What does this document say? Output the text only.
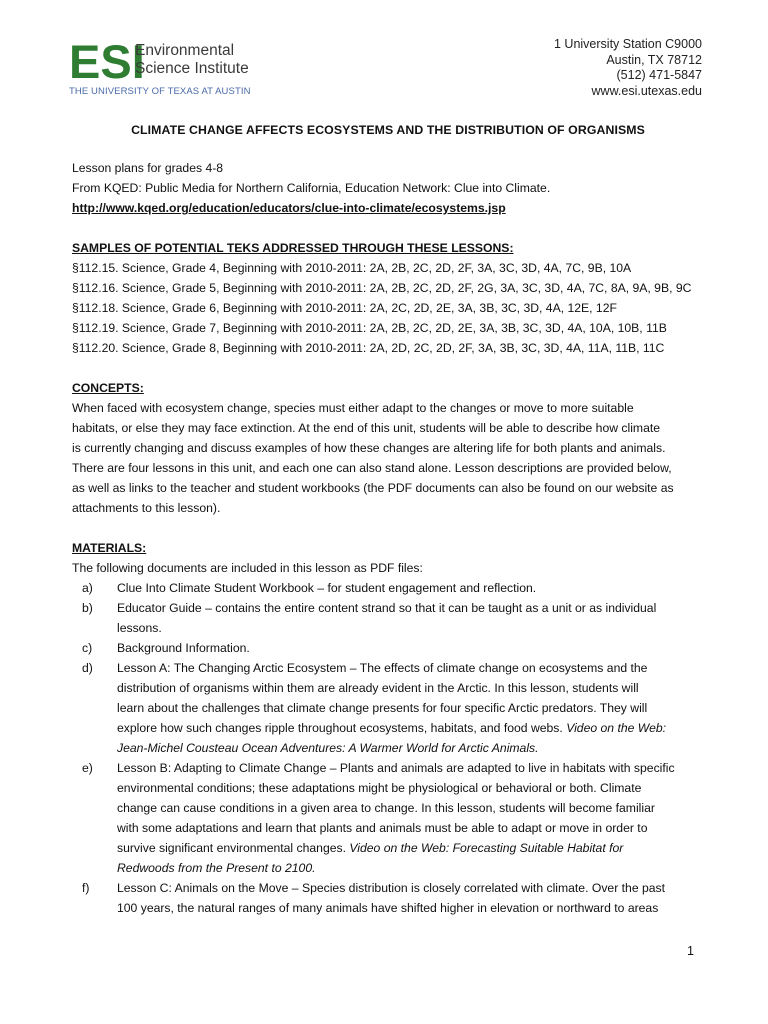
ESI
Environmental
Science Institute
THE UNIVERSITY OF TEXAS AT AUSTIN
1 University Station C9000
Austin, TX 78712
(512) 471-5847
www.esi.utexas.edu
CLIMATE CHANGE AFFECTS ECOSYSTEMS AND THE DISTRIBUTION OF ORGANISMS
Lesson plans for grades 4-8
From KQED: Public Media for Northern California, Education Network: Clue into Climate.
http://www.kqed.org/education/educators/clue-into-climate/ecosystems.jsp
SAMPLES OF POTENTIAL TEKS ADDRESSED THROUGH THESE LESSONS:
§112.15. Science, Grade 4, Beginning with 2010-2011: 2A, 2B, 2C, 2D, 2F, 3A, 3C, 3D, 4A, 7C, 9B, 10A
§112.16. Science, Grade 5, Beginning with 2010-2011: 2A, 2B, 2C, 2D, 2F, 2G, 3A, 3C, 3D, 4A, 7C, 8A, 9A, 9B, 9C
§112.18. Science, Grade 6, Beginning with 2010-2011: 2A, 2C, 2D, 2E, 3A, 3B, 3C, 3D, 4A, 12E, 12F
§112.19. Science, Grade 7, Beginning with 2010-2011: 2A, 2B, 2C, 2D, 2E, 3A, 3B, 3C, 3D, 4A, 10A, 10B, 11B
§112.20. Science, Grade 8, Beginning with 2010-2011: 2A, 2D, 2C, 2D, 2F, 3A, 3B, 3C, 3D, 4A, 11A, 11B, 11C
CONCEPTS:
When faced with ecosystem change, species must either adapt to the changes or move to more suitable
habitats, or else they may face extinction. At the end of this unit, students will be able to describe how climate
is currently changing and discuss examples of how these changes are altering life for both plants and animals.
There are four lessons in this unit, and each one can also stand alone. Lesson descriptions are provided below,
as well as links to the teacher and student workbooks (the PDF documents can also be found on our website as
attachments to this lesson).
MATERIALS:
The following documents are included in this lesson as PDF files:
a) Clue Into Climate Student Workbook – for student engagement and reflection.
b) Educator Guide – contains the entire content strand so that it can be taught as a unit or as individual
lessons.
c) Background Information.
d) Lesson A: The Changing Arctic Ecosystem – The effects of climate change on ecosystems and the
distribution of organisms within them are already evident in the Arctic. In this lesson, students will
learn about the challenges that climate change presents for four specific Arctic predators. They will
explore how such changes ripple throughout ecosystems, habitats, and food webs. Video on the Web:
Jean-Michel Cousteau Ocean Adventures: A Warmer World for Arctic Animals.
e) Lesson B: Adapting to Climate Change – Plants and animals are adapted to live in habitats with specific
environmental conditions; these adaptations might be physiological or behavioral or both. Climate
change can cause conditions in a given area to change. In this lesson, students will become familiar
with some adaptations and learn that plants and animals must be able to adapt or move in order to
survive significant environmental changes. Video on the Web: Forecasting Suitable Habitat for
Redwoods from the Present to 2100.
f) Lesson C: Animals on the Move – Species distribution is closely correlated with climate. Over the past
100 years, the natural ranges of many animals have shifted higher in elevation or northward to areas
1
